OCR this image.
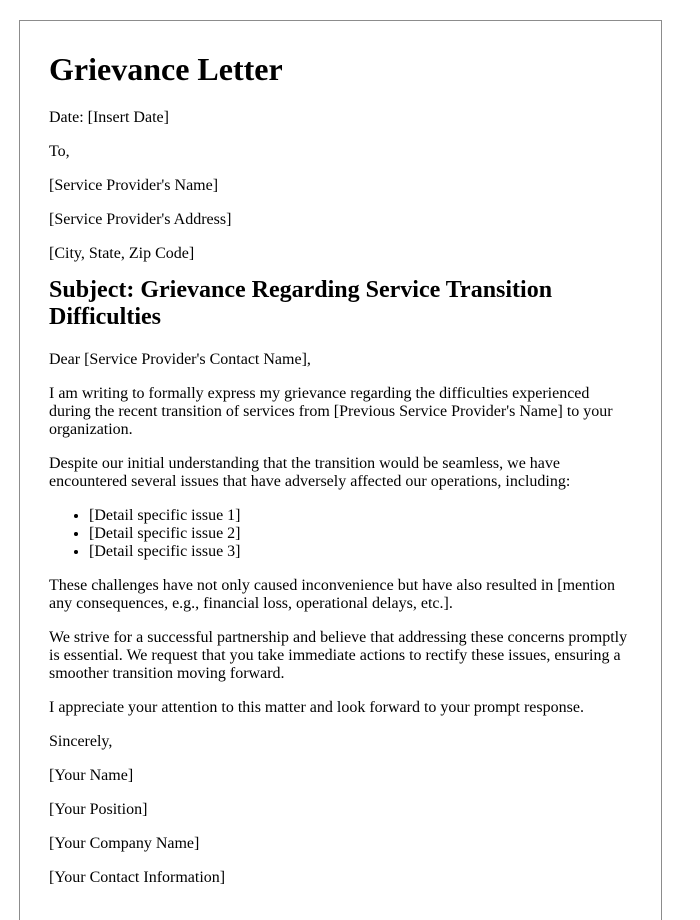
Grievance Letter

Date: [Insert Date]

To,

[Service Provider's Name]

[Service Provider's Address]

[City, State, Zip Code]

Subject: Grievance Regarding Service Transition Difficulties

Dear [Service Provider's Contact Name],

I am writing to formally express my grievance regarding the difficulties experienced during the recent transition of services from [Previous Service Provider's Name] to your organization.

Despite our initial understanding that the transition would be seamless, we have encountered several issues that have adversely affected our operations, including:

• [Detail specific issue 1]
• [Detail specific issue 2]
• [Detail specific issue 3]

These challenges have not only caused inconvenience but have also resulted in [mention any consequences, e.g., financial loss, operational delays, etc.].

We strive for a successful partnership and believe that addressing these concerns promptly is essential. We request that you take immediate actions to rectify these issues, ensuring a smoother transition moving forward.

I appreciate your attention to this matter and look forward to your prompt response.

Sincerely,

[Your Name]

[Your Position]

[Your Company Name]

[Your Contact Information]
